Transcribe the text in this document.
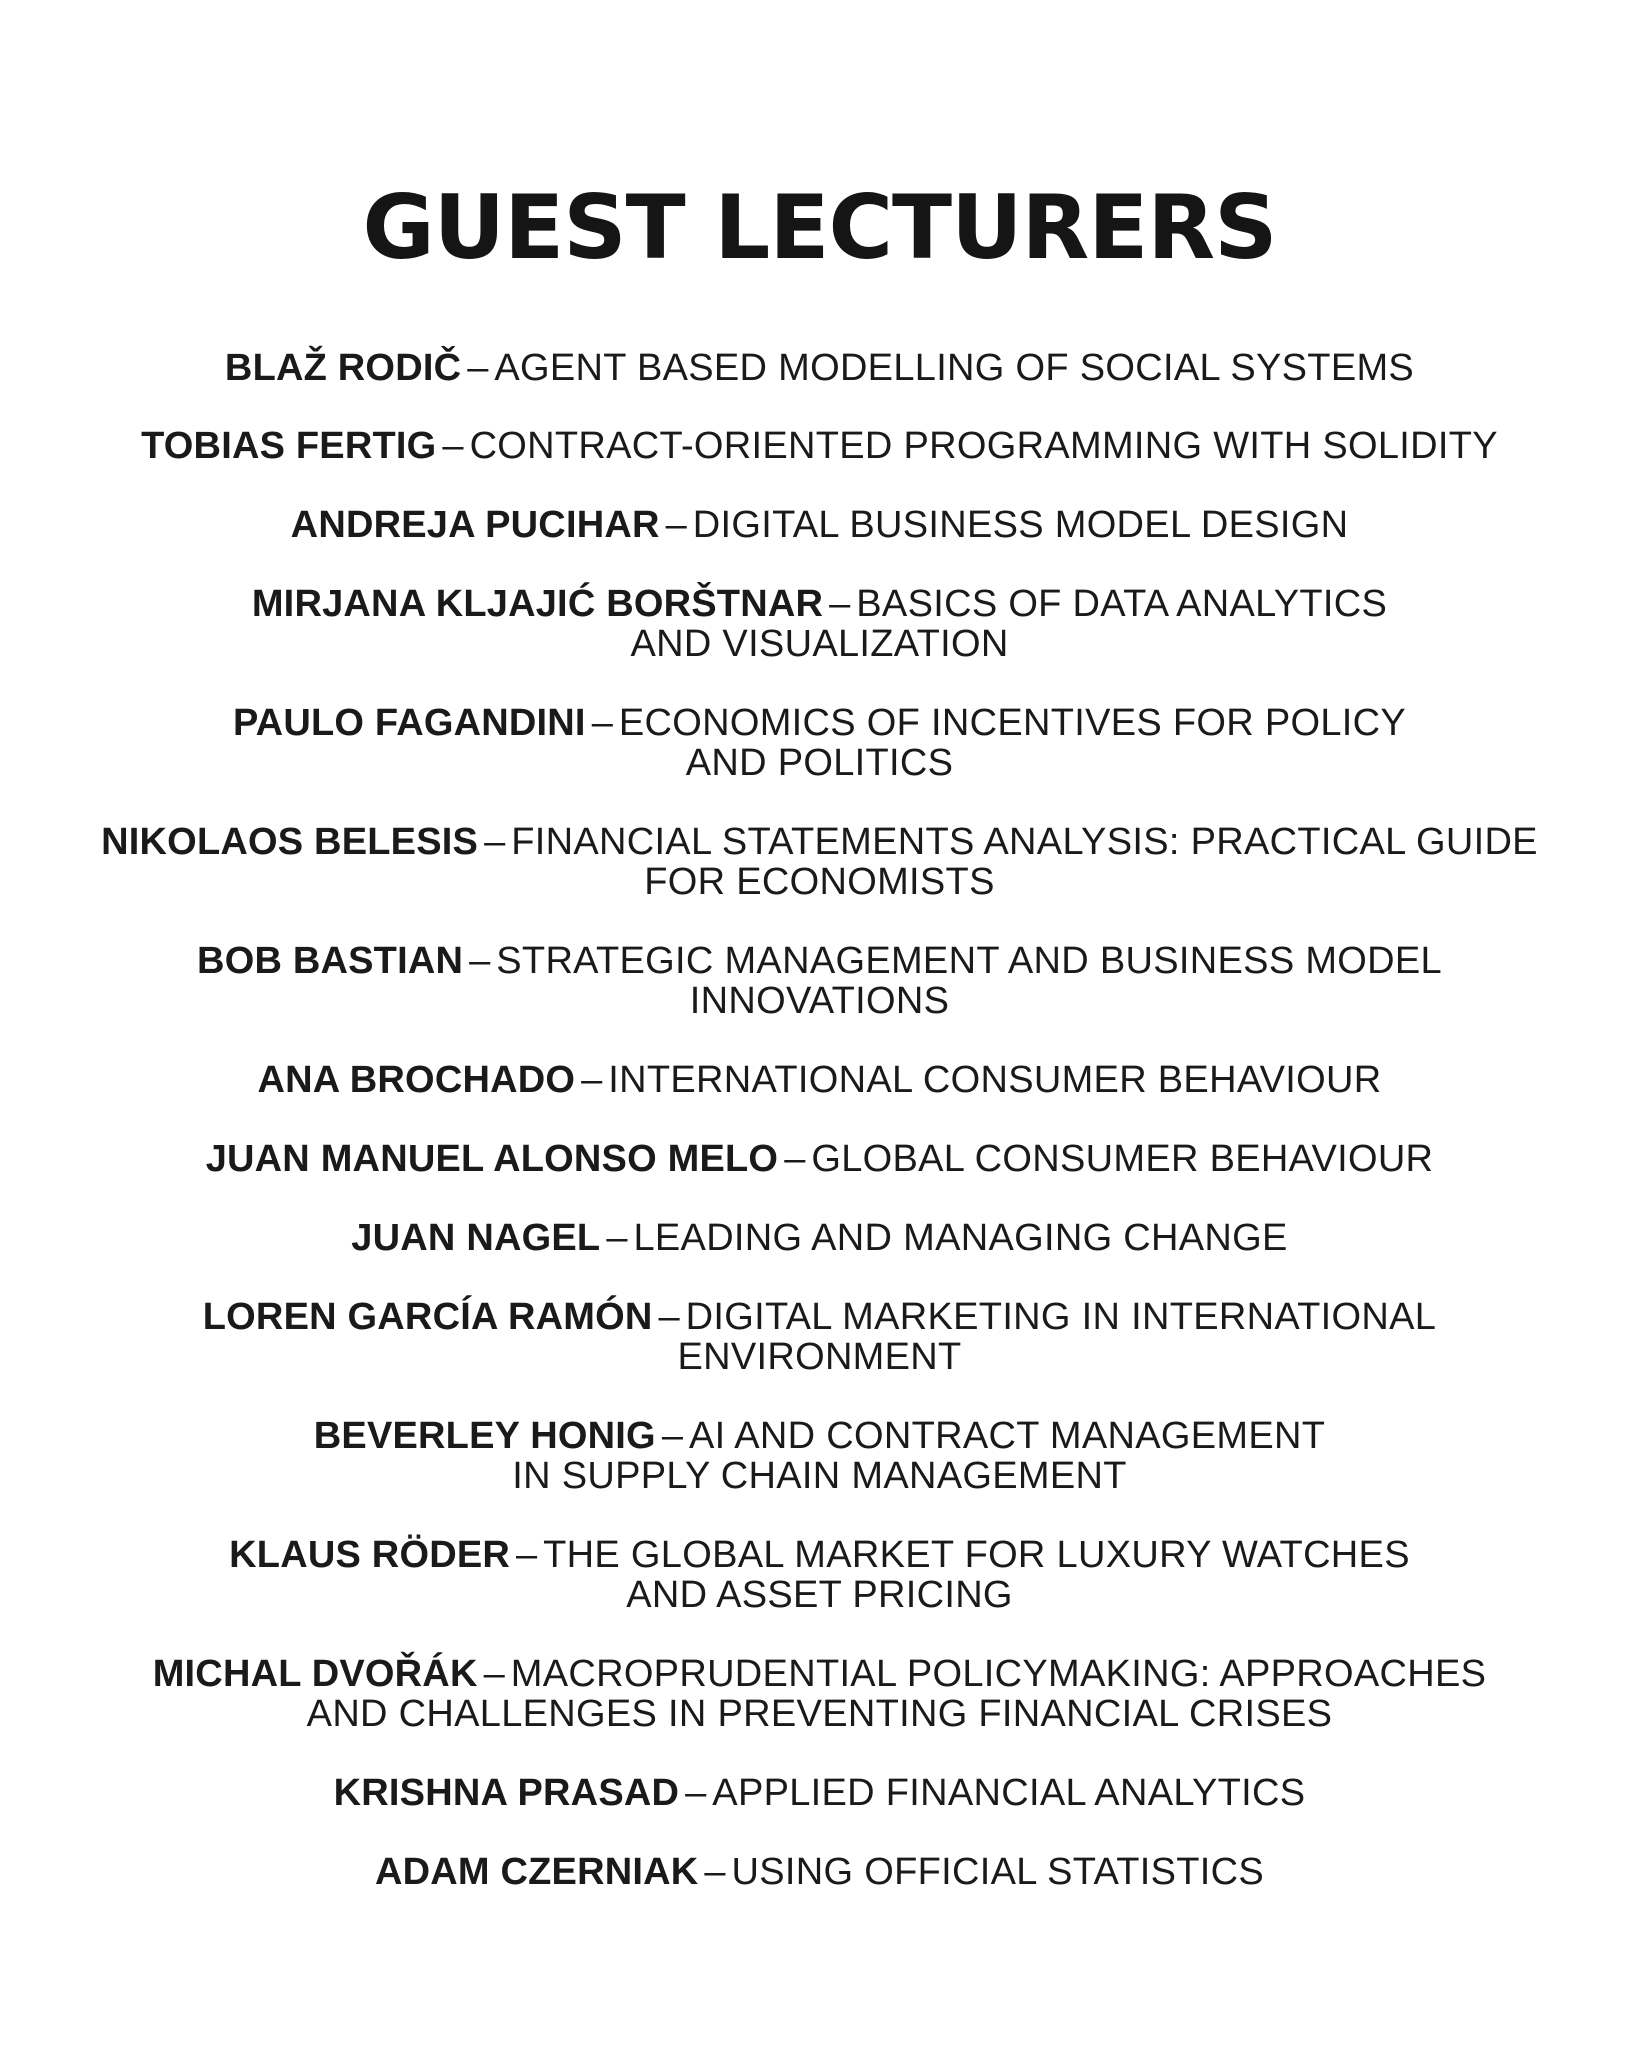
GUEST LECTURERS

BLAŽ RODIČ – AGENT BASED MODELLING OF SOCIAL SYSTEMS

TOBIAS FERTIG – CONTRACT-ORIENTED PROGRAMMING WITH SOLIDITY

ANDREJA PUCIHAR – DIGITAL BUSINESS MODEL DESIGN

MIRJANA KLJAJIĆ BORŠTNAR – BASICS OF DATA ANALYTICS
AND VISUALIZATION

PAULO FAGANDINI – ECONOMICS OF INCENTIVES FOR POLICY
AND POLITICS

NIKOLAOS BELESIS – FINANCIAL STATEMENTS ANALYSIS: PRACTICAL GUIDE
FOR ECONOMISTS

BOB BASTIAN – STRATEGIC MANAGEMENT AND BUSINESS MODEL
INNOVATIONS

ANA BROCHADO – INTERNATIONAL CONSUMER BEHAVIOUR

JUAN MANUEL ALONSO MELO – GLOBAL CONSUMER BEHAVIOUR

JUAN NAGEL – LEADING AND MANAGING CHANGE

LOREN GARCÍA RAMÓN – DIGITAL MARKETING IN INTERNATIONAL
ENVIRONMENT

BEVERLEY HONIG – AI AND CONTRACT MANAGEMENT
IN SUPPLY CHAIN MANAGEMENT

KLAUS RÖDER – THE GLOBAL MARKET FOR LUXURY WATCHES
AND ASSET PRICING

MICHAL DVOŘÁK – MACROPRUDENTIAL POLICYMAKING: APPROACHES
AND CHALLENGES IN PREVENTING FINANCIAL CRISES

KRISHNA PRASAD – APPLIED FINANCIAL ANALYTICS

ADAM CZERNIAK – USING OFFICIAL STATISTICS
